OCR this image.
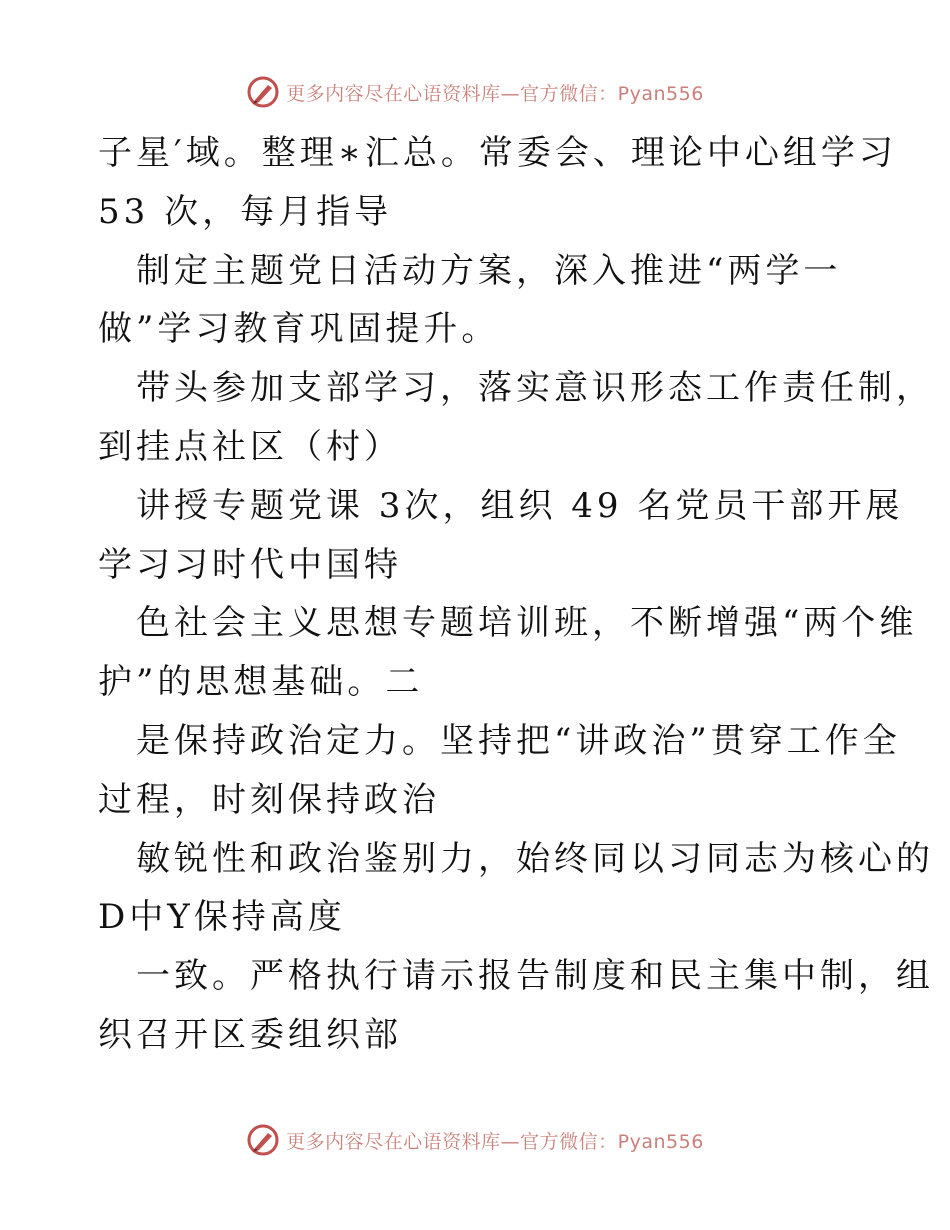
更多内容尽在心语资料库—官方微信：Pyan556
子星′域。整理∗汇总。常委会、理论中心组学习
53 次，每月指导
制定主题党日活动方案，深入推进“两学一
做”学习教育巩固提升。
带头参加支部学习，落实意识形态工作责任制，
到挂点社区（村）
讲授专题党课 3次，组织 49 名党员干部开展
学习习时代中国特
色社会主义思想专题培训班，不断增强“两个维
护”的思想基础。二
是保持政治定力。坚持把“讲政治”贯穿工作全
过程，时刻保持政治
敏锐性和政治鉴别力，始终同以习同志为核心的
D中Y保持高度
一致。严格执行请示报告制度和民主集中制，组
织召开区委组织部
更多内容尽在心语资料库—官方微信：Pyan556
